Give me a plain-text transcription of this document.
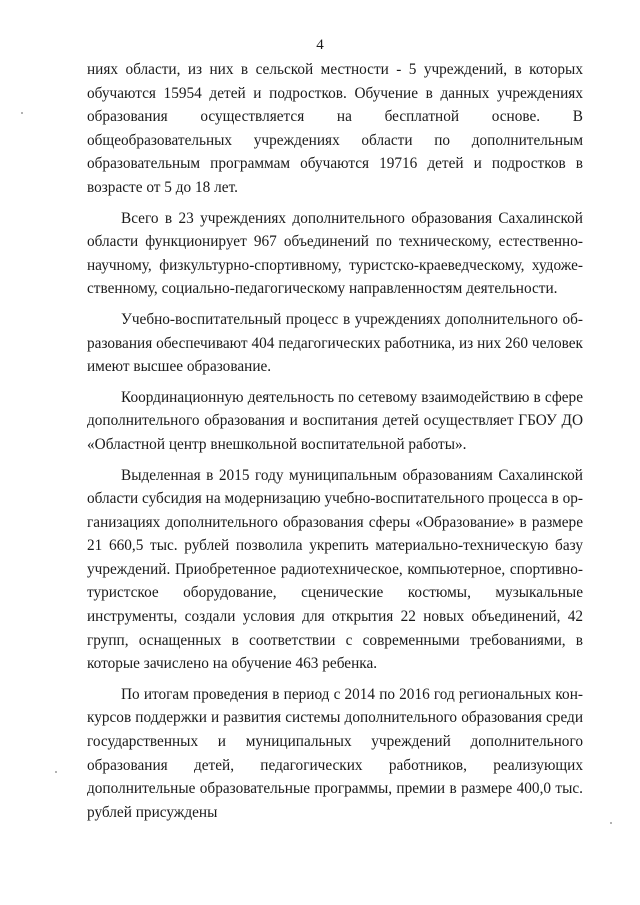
4

ниях области, из них в сельской местности - 5 учреждений, в которых обучаются 15954 детей и подростков. Обучение в данных учреждениях образования осуществляется на бесплатной основе. В общеобразовательных учреждениях области по дополнительным образовательным программам обучаются 19716 детей и подростков в возрасте от 5 до 18 лет.

Всего в 23 учреждениях дополнительного образования Сахалинской области функционирует 967 объединений по техническому, естественнонаучному, физкультурно-спортивному, туристско-краеведческому, художественному, социально-педагогическому направленностям деятельности.

Учебно-воспитательный процесс в учреждениях дополнительного образования обеспечивают 404 педагогических работника, из них 260 человек имеют высшее образование.

Координационную деятельность по сетевому взаимодействию в сфере дополнительного образования и воспитания детей осуществляет ГБОУ ДО «Областной центр внешкольной воспитательной работы».

Выделенная в 2015 году муниципальным образованиям Сахалинской области субсидия на модернизацию учебно-воспитательного процесса в организациях дополнительного образования сферы «Образование» в размере 21 660,5 тыс. рублей позволила укрепить материально-техническую базу учреждений. Приобретенное радиотехническое, компьютерное, спортивно-туристское оборудование, сценические костюмы, музыкальные инструменты, создали условия для открытия 22 новых объединений, 42 групп, оснащенных в соответствии с современными требованиями, в которые зачислено на обучение 463 ребенка.

По итогам проведения в период с 2014 по 2016 год региональных конкурсов поддержки и развития системы дополнительного образования среди государственных и муниципальных учреждений дополнительного образования детей, педагогических работников, реализующих дополнительные образовательные программы, премии в размере 400,0 тыс. рублей присуждены
